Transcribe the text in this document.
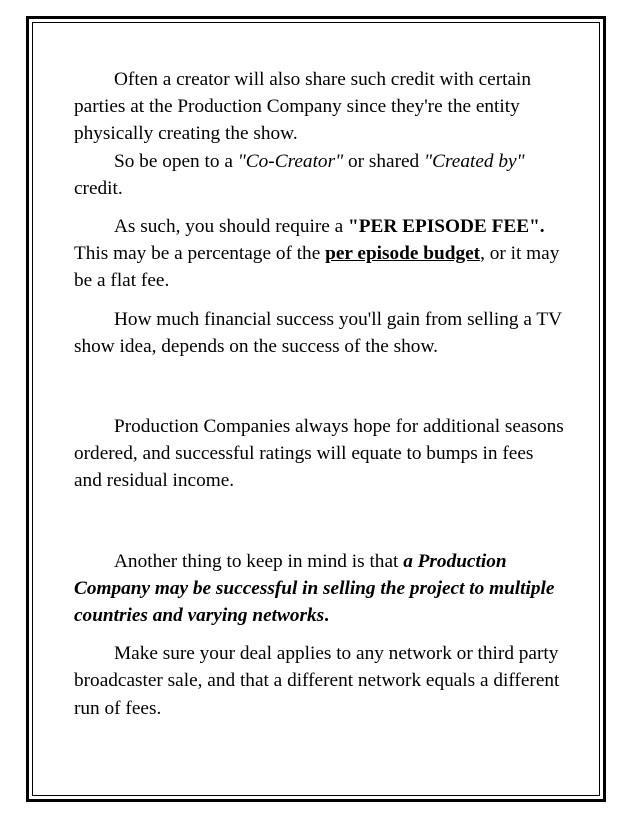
Often a creator will also share such credit with certain parties at the Production Company since they're the entity physically creating the show.

So be open to a "Co-Creator" or shared "Created by" credit.

As such, you should require a "PER EPISODE FEE". This may be a percentage of the per episode budget, or it may be a flat fee.

How much financial success you'll gain from selling a TV show idea, depends on the success of the show.

Production Companies always hope for additional seasons ordered, and successful ratings will equate to bumps in fees and residual income.

Another thing to keep in mind is that a Production Company may be successful in selling the project to multiple countries and varying networks.

Make sure your deal applies to any network or third party broadcaster sale, and that a different network equals a different run of fees.
